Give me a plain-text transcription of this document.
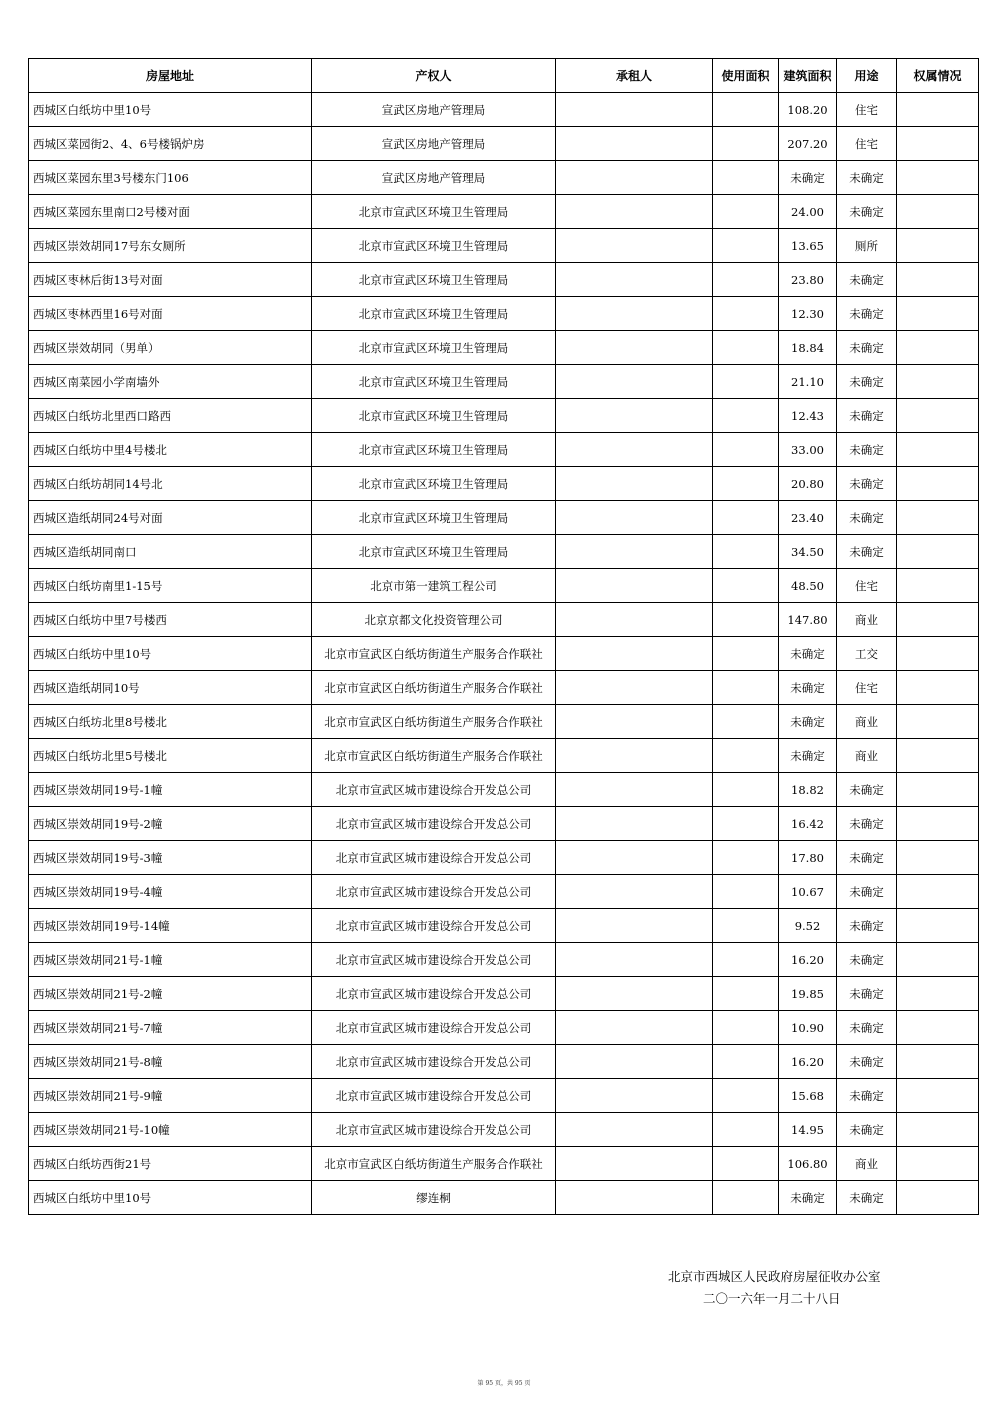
房屋地址	产权人	承租人	使用面积	建筑面积	用途	权属情况
西城区白纸坊中里10号	宣武区房地产管理局			108.20	住宅	
西城区菜园街2、4、6号楼锅炉房	宣武区房地产管理局			207.20	住宅	
西城区菜园东里3号楼东门106	宣武区房地产管理局			未确定	未确定	
西城区菜园东里南口2号楼对面	北京市宣武区环境卫生管理局			24.00	未确定	
西城区崇效胡同17号东女厕所	北京市宣武区环境卫生管理局			13.65	厕所	
西城区枣林后街13号对面	北京市宣武区环境卫生管理局			23.80	未确定	
西城区枣林西里16号对面	北京市宣武区环境卫生管理局			12.30	未确定	
西城区崇效胡同（男单）	北京市宣武区环境卫生管理局			18.84	未确定	
西城区南菜园小学南墙外	北京市宣武区环境卫生管理局			21.10	未确定	
西城区白纸坊北里西口路西	北京市宣武区环境卫生管理局			12.43	未确定	
西城区白纸坊中里4号楼北	北京市宣武区环境卫生管理局			33.00	未确定	
西城区白纸坊胡同14号北	北京市宣武区环境卫生管理局			20.80	未确定	
西城区造纸胡同24号对面	北京市宣武区环境卫生管理局			23.40	未确定	
西城区造纸胡同南口	北京市宣武区环境卫生管理局			34.50	未确定	
西城区白纸坊南里1-15号	北京市第一建筑工程公司			48.50	住宅	
西城区白纸坊中里7号楼西	北京京都文化投资管理公司			147.80	商业	
西城区白纸坊中里10号	北京市宣武区白纸坊街道生产服务合作联社			未确定	工交	
西城区造纸胡同10号	北京市宣武区白纸坊街道生产服务合作联社			未确定	住宅	
西城区白纸坊北里8号楼北	北京市宣武区白纸坊街道生产服务合作联社			未确定	商业	
西城区白纸坊北里5号楼北	北京市宣武区白纸坊街道生产服务合作联社			未确定	商业	
西城区崇效胡同19号-1幢	北京市宣武区城市建设综合开发总公司			18.82	未确定	
西城区崇效胡同19号-2幢	北京市宣武区城市建设综合开发总公司			16.42	未确定	
西城区崇效胡同19号-3幢	北京市宣武区城市建设综合开发总公司			17.80	未确定	
西城区崇效胡同19号-4幢	北京市宣武区城市建设综合开发总公司			10.67	未确定	
西城区崇效胡同19号-14幢	北京市宣武区城市建设综合开发总公司			9.52	未确定	
西城区崇效胡同21号-1幢	北京市宣武区城市建设综合开发总公司			16.20	未确定	
西城区崇效胡同21号-2幢	北京市宣武区城市建设综合开发总公司			19.85	未确定	
西城区崇效胡同21号-7幢	北京市宣武区城市建设综合开发总公司			10.90	未确定	
西城区崇效胡同21号-8幢	北京市宣武区城市建设综合开发总公司			16.20	未确定	
西城区崇效胡同21号-9幢	北京市宣武区城市建设综合开发总公司			15.68	未确定	
西城区崇效胡同21号-10幢	北京市宣武区城市建设综合开发总公司			14.95	未确定	
西城区白纸坊西街21号	北京市宣武区白纸坊街道生产服务合作联社			106.80	商业	
西城区白纸坊中里10号	缪连桐			未确定	未确定	
北京市西城区人民政府房屋征收办公室
二〇一六年一月二十八日
第 95 页，共 95 页
